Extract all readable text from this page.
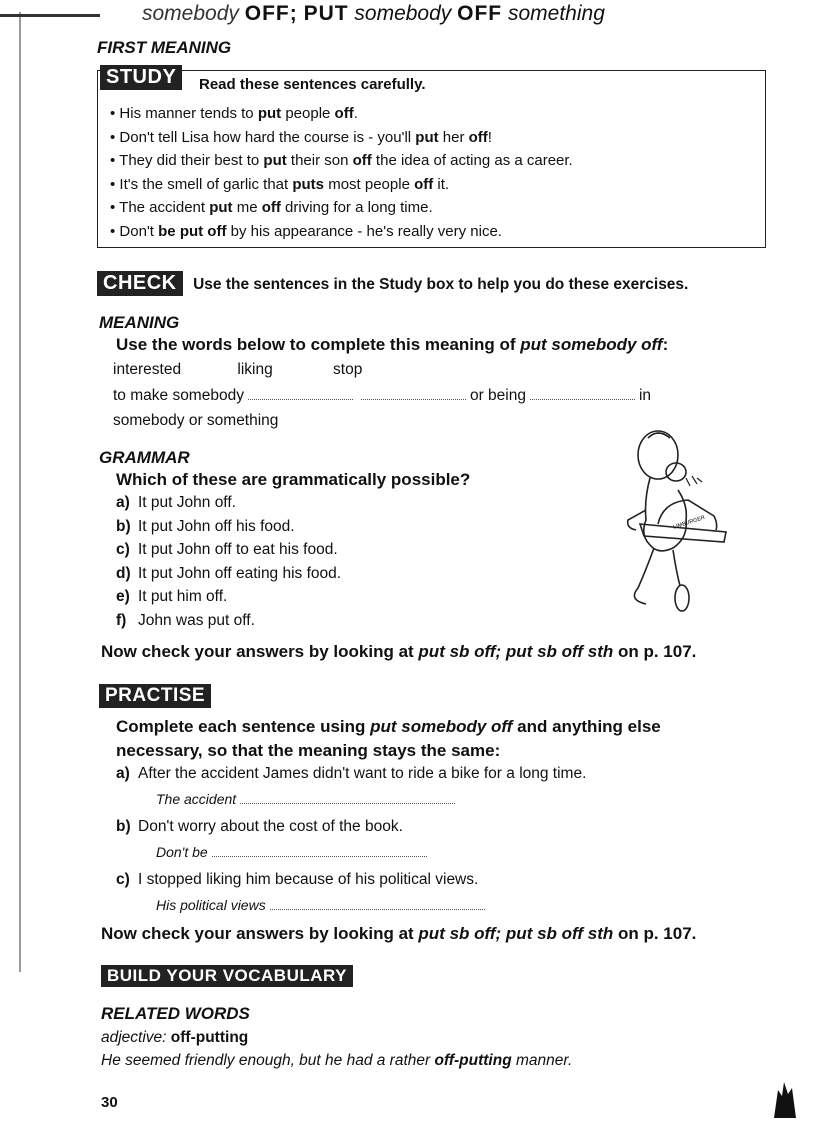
somebody OFF; PUT somebody OFF something
FIRST MEANING
STUDY	Read these sentences carefully.
• His manner tends to put people off.
• Don't tell Lisa how hard the course is - you'll put her off!
• They did their best to put their son off the idea of acting as a career.
• It's the smell of garlic that puts most people off it.
• The accident put me off driving for a long time.
• Don't be put off by his appearance - he's really very nice.
CHECK Use the sentences in the Study box to help you do these exercises.
MEANING
Use the words below to complete this meaning of put somebody off:
interested	liking	stop
to make somebody	or being	in
somebody or something
GRAMMAR
Which of these are grammatically possible?
a) It put John off.
b) It put John off his food.
c) It put John off to eat his food.
d) It put John off eating his food.
e) It put him off.
f) John was put off.
LIMBURGER
Now check your answers by looking at put sb off; put sb off sth on p. 107.
PRACTISE
Complete each sentence using put somebody off and anything else
necessary, so that the meaning stays the same:
a) After the accident James didn't want to ride a bike for a long time.
The accident
b) Don't worry about the cost of the book.
Don't be
c) I stopped liking him because of his political views.
His political views
Now check your answers by looking at put sb off; put sb off sth on p. 107.
BUILD YOUR VOCABULARY
RELATED WORDS
adjective: off-putting
He seemed friendly enough, but he had a rather off-putting manner.
30
